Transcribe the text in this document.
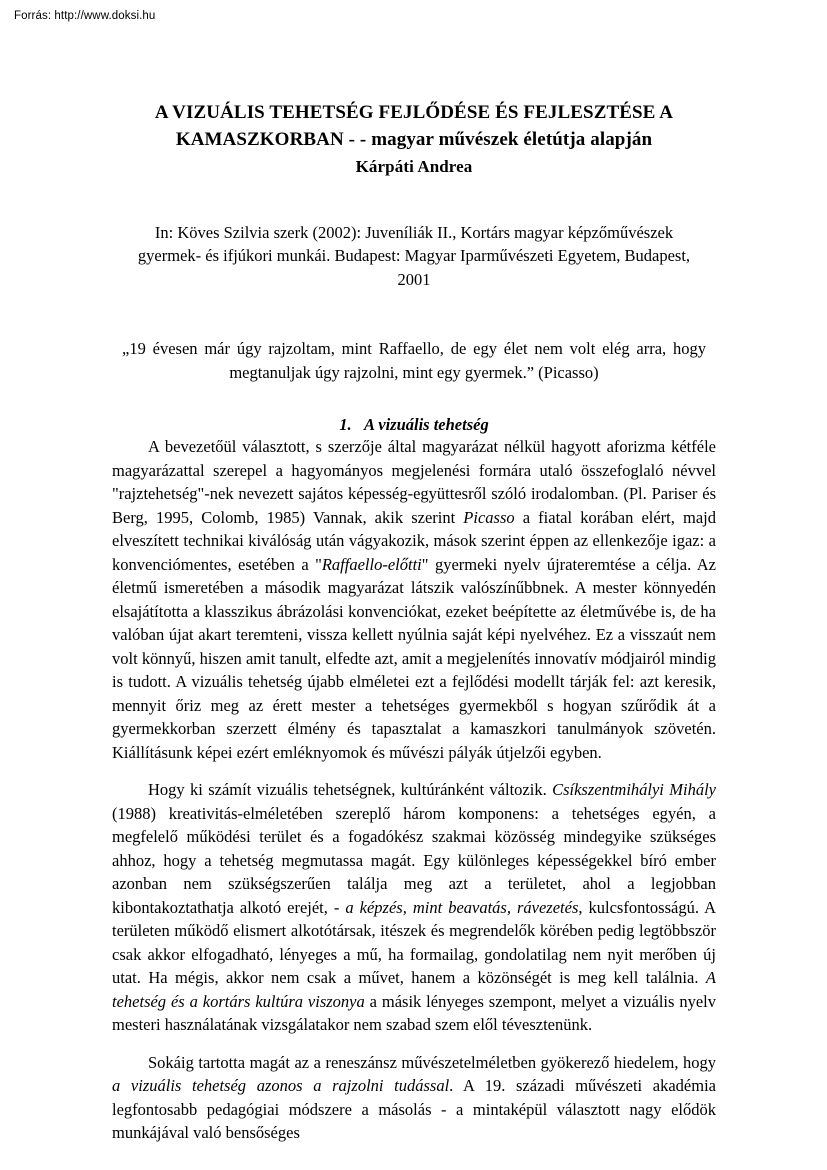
Forrás: http://www.doksi.hu
A VIZUÁLIS TEHETSÉG FEJLŐDÉSE ÉS FEJLESZTÉSE A
KAMASZKORBAN - - magyar művészek életútja alapján
Kárpáti Andrea
In: Köves Szilvia szerk (2002): Juveníliák II., Kortárs magyar képzőművészek gyermek- és ifjúkori munkái. Budapest: Magyar Iparművészeti Egyetem, Budapest, 2001
„19 évesen már úgy rajzoltam, mint Raffaello, de egy élet nem volt elég arra, hogy megtanuljak úgy rajzolni, mint egy gyermek.” (Picasso)
1. A vizuális tehetség

A bevezetőül választott, s szerzője által magyarázat nélkül hagyott aforizma kétféle magyarázattal szerepel a hagyományos megjelenési formára utaló összefoglaló névvel "rajztehetség"-nek nevezett sajátos képesség-együttesről szóló irodalomban. (Pl. Pariser és Berg, 1995, Colomb, 1985) Vannak, akik szerint Picasso a fiatal korában elért, majd elveszített technikai kiválóság után vágyakozik, mások szerint éppen az ellenkezője igaz: a konvenciómentes, esetében a "Raffaello-előtti" gyermeki nyelv újrateremtése a célja. Az életmű ismeretében a második magyarázat látszik valószínűbbnek. A mester könnyedén elsajátította a klasszikus ábrázolási konvenciókat, ezeket beépítette az életművébe is, de ha valóban újat akart teremteni, vissza kellett nyúlnia saját képi nyelvéhez. Ez a visszaút nem volt könnyű, hiszen amit tanult, elfedte azt, amit a megjelenítés innovatív módjairól mindig is tudott. A vizuális tehetség újabb elméletei ezt a fejlődési modellt tárják fel: azt keresik, mennyit őriz meg az érett mester a tehetséges gyermekből s hogyan szűrődik át a gyermekkorban szerzett élmény és tapasztalat a kamaszkori tanulmányok szövetén. Kiállításunk képei ezért emléknyomok és művészi pályák útjelzői egyben.

Hogy ki számít vizuális tehetségnek, kultúránként változik. Csíkszentmihályi Mihály (1988) kreativitás-elméletében szereplő három komponens: a tehetséges egyén, a megfelelő működési terület és a fogadókész szakmai közösség mindegyike szükséges ahhoz, hogy a tehetség megmutassa magát. Egy különleges képességekkel bíró ember azonban nem szükségszerűen találja meg azt a területet, ahol a legjobban kibontakoztathatja alkotó erejét, - a képzés, mint beavatás, rávezetés, kulcsfontosságú. A területen működő elismert alkotótársak, itészek és megrendelők körében pedig legtöbbször csak akkor elfogadható, lényeges a mű, ha formailag, gondolatilag nem nyit merőben új utat. Ha mégis, akkor nem csak a művet, hanem a közönségét is meg kell találnia. A tehetség és a kortárs kultúra viszonya a másik lényeges szempont, melyet a vizuális nyelv mesteri használatának vizsgálatakor nem szabad szem elől tévesztenünk.

Sokáig tartotta magát az a reneszánsz művészetelméletben gyökerező hiedelem, hogy a vizuális tehetség azonos a rajzolni tudással. A 19. századi művészeti akadémia legfontosabb pedagógiai módszere a másolás - a mintaképül választott nagy elődök munkájával való bensőséges
